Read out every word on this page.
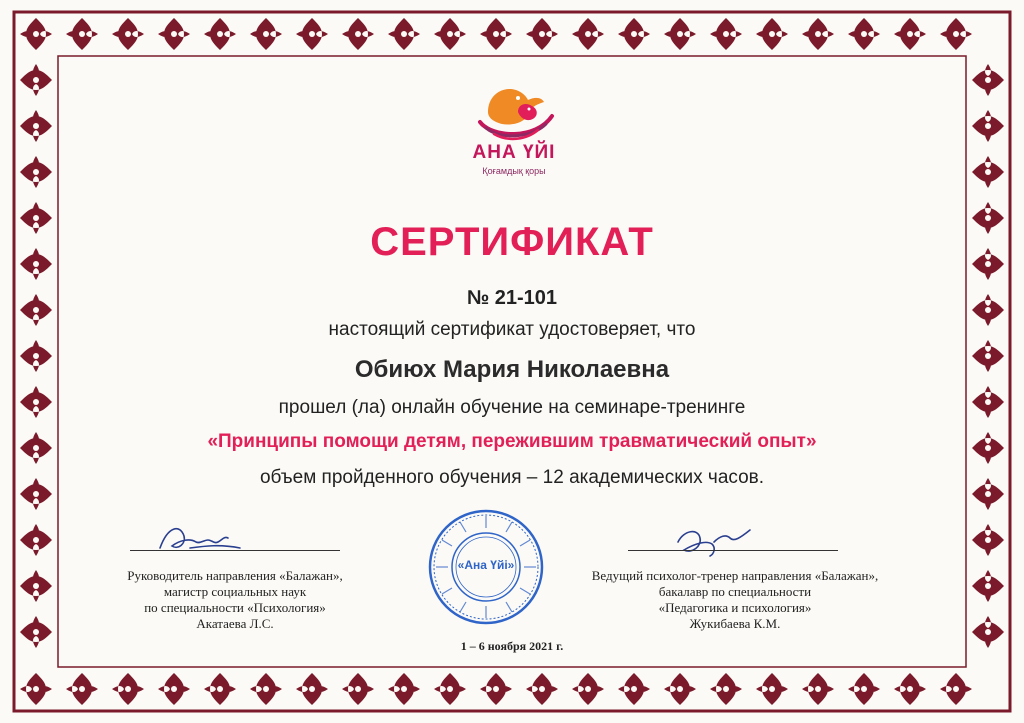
АНА ҮЙІ
Қоғамдық қоры
СЕРТИФИКАТ
№ 21-101
настоящий сертификат удостоверяет, что
Обиюх Мария Николаевна
прошел (ла) онлайн обучение на семинаре-тренинге
«Принципы помощи детям, пережившим травматический опыт»
объем пройденного обучения – 12 академических часов.
Руководитель направления «Балажан»,
магистр социальных наук
по специальности «Психология»
Акатаева Л.С.
Ведущий психолог-тренер направления «Балажан»,
бакалавр по специальности
«Педагогика и психология»
Жукибаева К.М.
«Ана Үйі»
1 – 6 ноября 2021 г.
